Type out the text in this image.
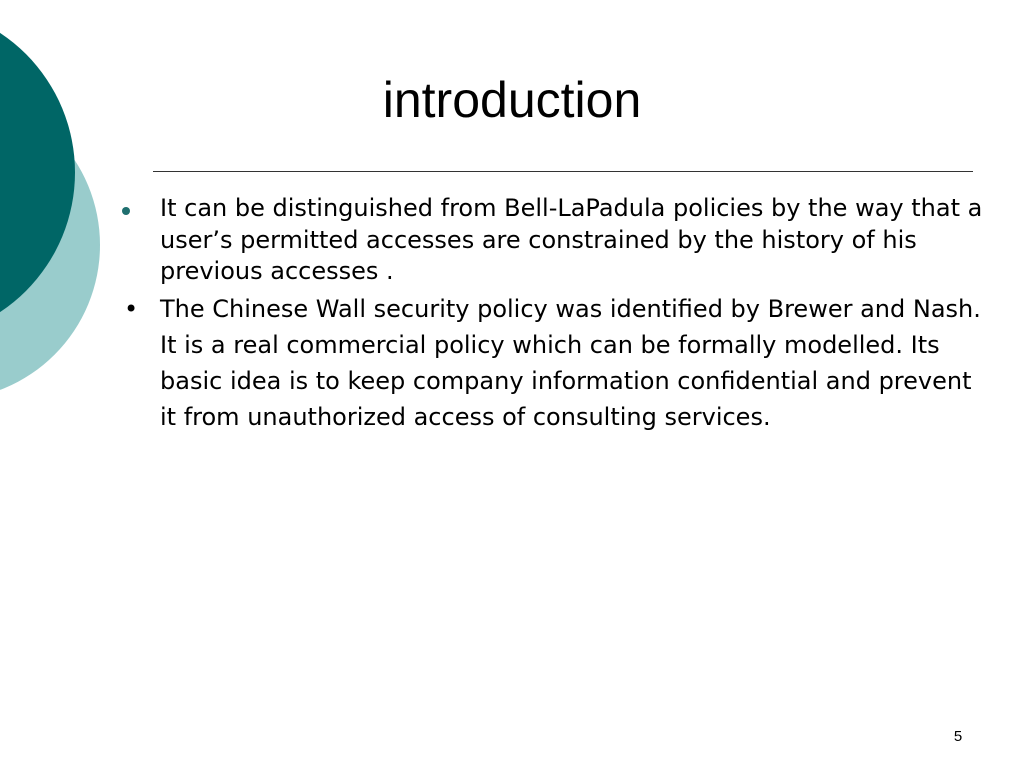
introduction
It can be distinguished from Bell-LaPadula policies by the way that a user’s permitted accesses are constrained by the history of his previous accesses .
• The Chinese Wall security policy was identified by Brewer and Nash. It is a real commercial policy which can be formally modelled. Its basic idea is to keep company information confidential and prevent it from unauthorized access of consulting services.
5
